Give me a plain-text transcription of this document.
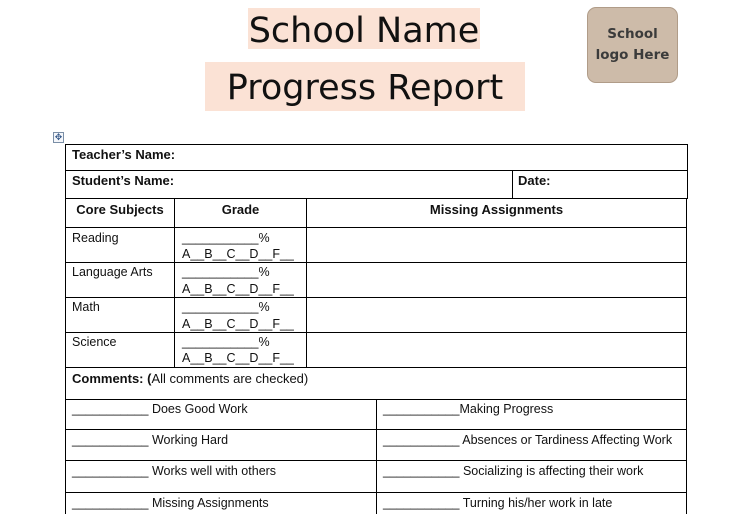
School Name
Progress Report
School
logo Here
✥
Teacher’s Name:
Student’s Name:	Date:
Core Subjects	Grade	Missing Assignments
Reading	___________%
A__B__C__D__F__
Language Arts ___________%
A__B__C__D__F__
Math	___________%
A__B__C__D__F__
Science	___________%
A__B__C__D__F__
Comments: (All comments are checked)
___________ Does Good Work	___________Making Progress
___________ Working Hard	___________ Absences or Tardiness Affecting Work
___________ Works well with others	___________ Socializing is affecting their work
___________ Missing Assignments	___________ Turning his/her work in late
